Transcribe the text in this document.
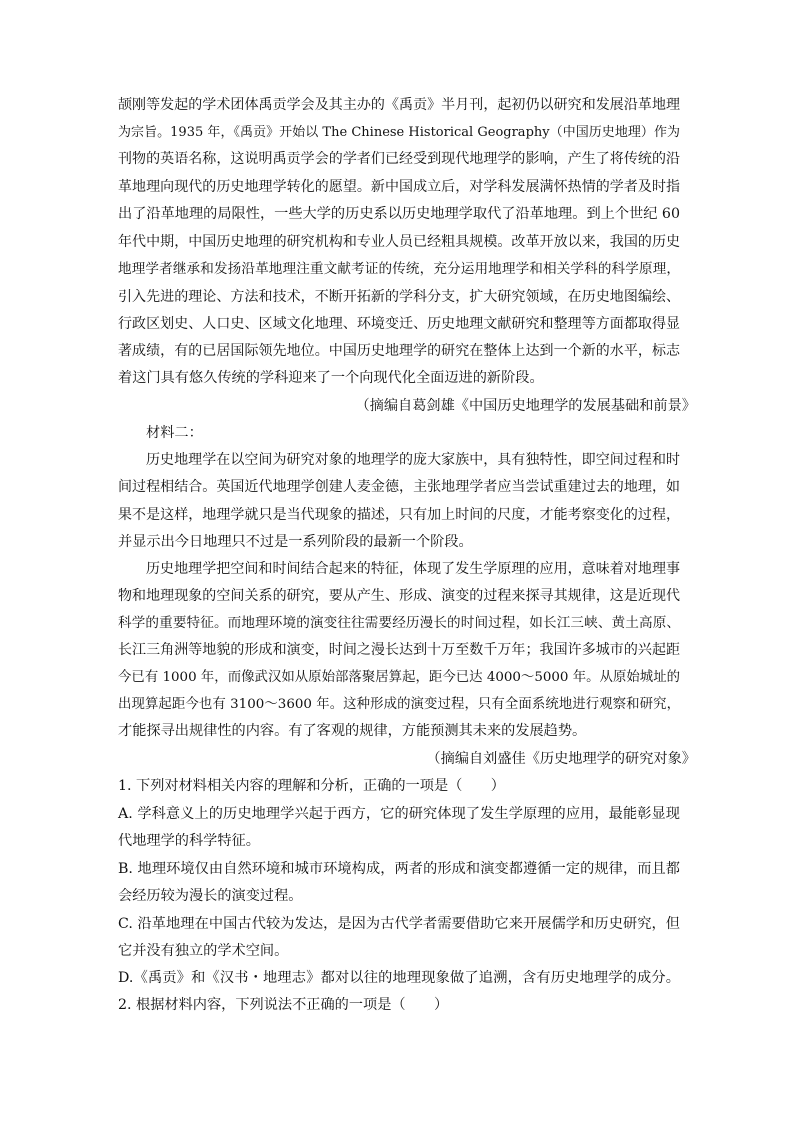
颉刚等发起的学术团体禹贡学会及其主办的《禹贡》半月刊，起初仍以研究和发展沿革地理
为宗旨。1935 年，《禹贡》开始以 The Chinese Historical Geography（中国历史地理）作为
刊物的英语名称，这说明禹贡学会的学者们已经受到现代地理学的影响，产生了将传统的沿
革地理向现代的历史地理学转化的愿望。新中国成立后，对学科发展满怀热情的学者及时指
出了沿革地理的局限性，一些大学的历史系以历史地理学取代了沿革地理。到上个世纪 60
年代中期，中国历史地理的研究机构和专业人员已经粗具规模。改革开放以来，我国的历史
地理学者继承和发扬沿革地理注重文献考证的传统，充分运用地理学和相关学科的科学原理，
引入先进的理论、方法和技术，不断开拓新的学科分支，扩大研究领域，在历史地图编绘、
行政区划史、人口史、区域文化地理、环境变迁、历史地理文献研究和整理等方面都取得显
著成绩，有的已居国际领先地位。中国历史地理学的研究在整体上达到一个新的水平，标志
着这门具有悠久传统的学科迎来了一个向现代化全面迈进的新阶段。
（摘编自葛剑雄《中国历史地理学的发展基础和前景》
材料二：
历史地理学在以空间为研究对象的地理学的庞大家族中，具有独特性，即空间过程和时
间过程相结合。英国近代地理学创建人麦金德，主张地理学者应当尝试重建过去的地理，如
果不是这样，地理学就只是当代现象的描述，只有加上时间的尺度，才能考察变化的过程，
并显示出今日地理只不过是一系列阶段的最新一个阶段。
历史地理学把空间和时间结合起来的特征，体现了发生学原理的应用，意味着对地理事
物和地理现象的空间关系的研究，要从产生、形成、演变的过程来探寻其规律，这是近现代
科学的重要特征。而地理环境的演变往往需要经历漫长的时间过程，如长江三峡、黄土高原、
长江三角洲等地貌的形成和演变，时间之漫长达到十万至数千万年；我国许多城市的兴起距
今已有 1000 年，而像武汉如从原始部落聚居算起，距今已达 4000～5000 年。从原始城址的
出现算起距今也有 3100～3600 年。这种形成的演变过程，只有全面系统地进行观察和研究，
才能探寻出规律性的内容。有了客观的规律，方能预测其未来的发展趋势。
（摘编自刘盛佳《历史地理学的研究对象》
1. 下列对材料相关内容的理解和分析，正确的一项是（　　）
A. 学科意义上的历史地理学兴起于西方，它的研究体现了发生学原理的应用，最能彰显现
代地理学的科学特征。
B. 地理环境仅由自然环境和城市环境构成，两者的形成和演变都遵循一定的规律，而且都
会经历较为漫长的演变过程。
C. 沿革地理在中国古代较为发达，是因为古代学者需要借助它来开展儒学和历史研究，但
它并没有独立的学术空间。
D.《禹贡》和《汉书・地理志》都对以往的地理现象做了追溯，含有历史地理学的成分。
2. 根据材料内容，下列说法不正确的一项是（　　）
